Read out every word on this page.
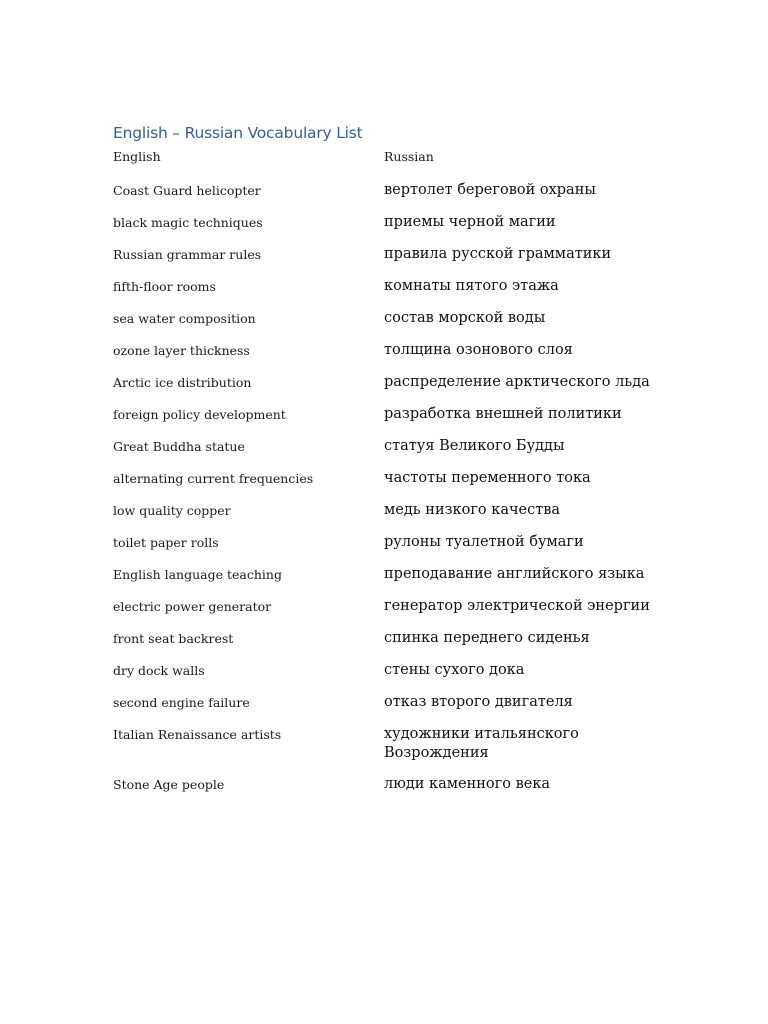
English – Russian Vocabulary List
English	Russian
Coast Guard helicopter	вертолет береговой охраны
black magic techniques	приемы черной магии
Russian grammar rules	правила русской грамматики
fifth-floor rooms	комнаты пятого этажа
sea water composition	состав морской воды
ozone layer thickness	толщина озонового слоя
Arctic ice distribution	распределение арктического льда
foreign policy development	разработка внешней политики
Great Buddha statue	статуя Великого Будды
alternating current frequencies	частоты переменного тока
low quality copper	медь низкого качества
toilet paper rolls	рулоны туалетной бумаги
English language teaching	преподавание английского языка
electric power generator	генератор электрической энергии
front seat backrest	спинка переднего сиденья
dry dock walls	стены сухого дока
second engine failure	отказ второго двигателя
Italian Renaissance artists	художники итальянского Возрождения
Stone Age people	люди каменного века
